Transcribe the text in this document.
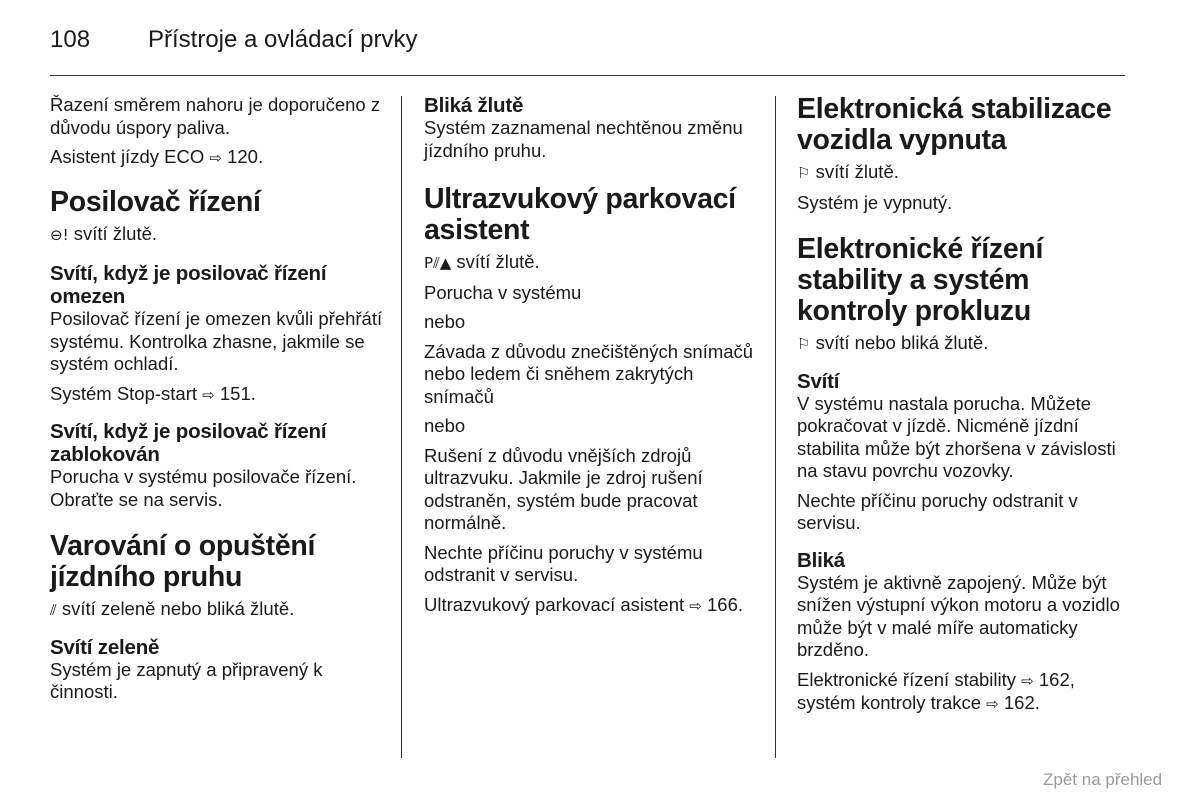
108 Přístroje a ovládací prvky

Řazení směrem nahoru je doporučeno z důvodu úspory paliva.

Asistent jízdy ECO ⇨ 120.

Posilovač řízení

⊖! svítí žlutě.

Svítí, když je posilovač řízení omezen

Posilovač řízení je omezen kvůli přehřátí systému. Kontrolka zhasne, jakmile se systém ochladí.

Systém Stop-start ⇨ 151.

Svítí, když je posilovač řízení zablokován

Porucha v systému posilovače řízení. Obraťte se na servis.

Varování o opuštění jízdního pruhu

⫽ svítí zeleně nebo bliká žlutě.

Svítí zeleně

Systém je zapnutý a připravený k činnosti.

Bliká žlutě

Systém zaznamenal nechtěnou změnu jízdního pruhu.

Ultrazvukový parkovací asistent

P⫽▲ svítí žlutě.

Porucha v systému

nebo

Závada z důvodu znečištěných snímačů nebo ledem či sněhem zakrytých snímačů

nebo

Rušení z důvodu vnějších zdrojů ultrazvuku. Jakmile je zdroj rušení odstraněn, systém bude pracovat normálně.

Nechte příčinu poruchy v systému odstranit v servisu.

Ultrazvukový parkovací asistent ⇨ 166.

Elektronická stabilizace vozidla vypnuta

⚐ svítí žlutě.

Systém je vypnutý.

Elektronické řízení stability a systém kontroly prokluzu

⚐ svítí nebo bliká žlutě.

Svítí

V systému nastala porucha. Můžete pokračovat v jízdě. Nicméně jízdní stabilita může být zhoršena v závislosti na stavu povrchu vozovky.

Nechte příčinu poruchy odstranit v servisu.

Bliká

Systém je aktivně zapojený. Může být snížen výstupní výkon motoru a vozidlo může být v malé míře automaticky brzděno.

Elektronické řízení stability ⇨ 162,
systém kontroly trakce ⇨ 162.

Zpět na přehled
